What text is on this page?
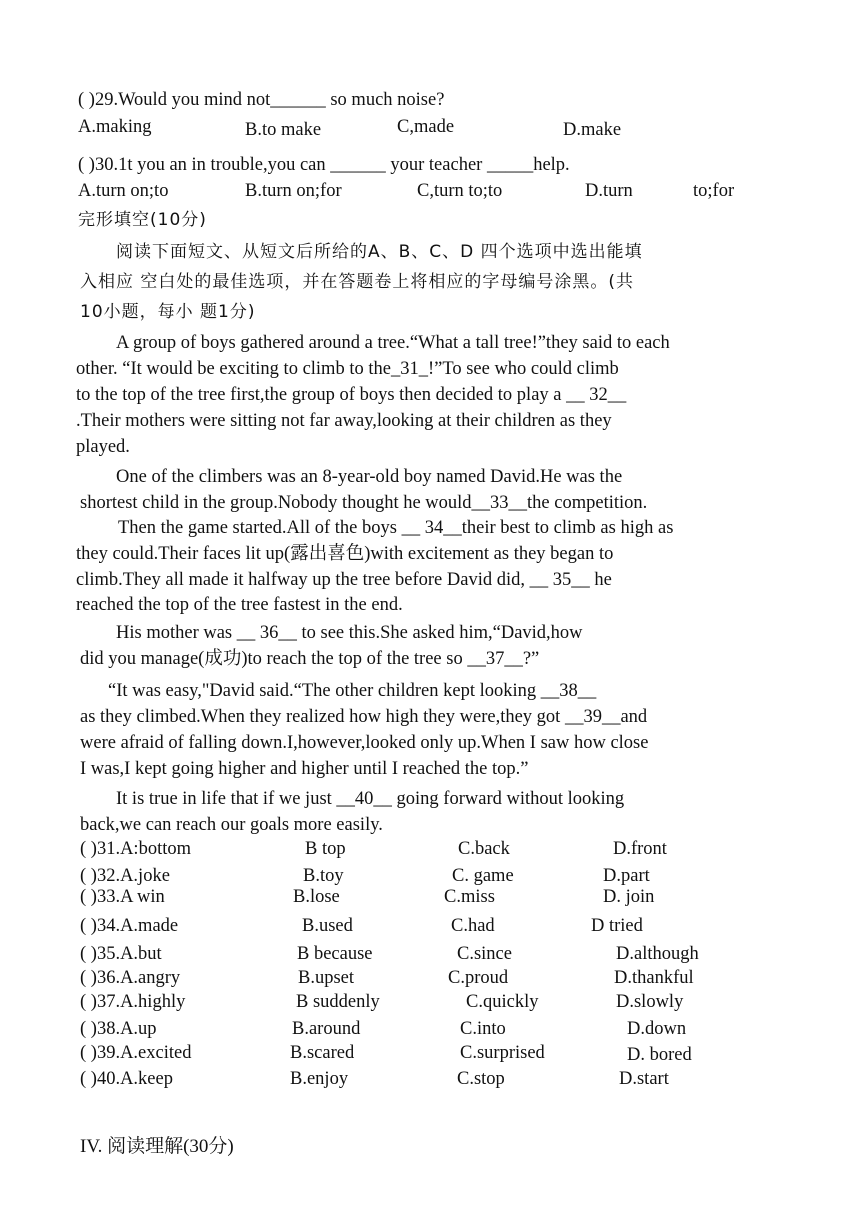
( )29.Would you mind not______ so much noise?
A.making	B.to make	C,made	D.make
( )30.1t you an in trouble,you can ______ your teacher _____help.
A.turn on;to	B.turn on;for	C,turn to;to	D.turn	to;for
完形填空(10分)
阅读下面短文、从短文后所给的A、B、C、D 四个选项中选出能填
入相应 空白处的最佳选项，并在答题卷上将相应的字母编号涂黑。(共
10小题，每小 题1分)
A group of boys gathered around a tree.“What a tall tree!”they said to each
other. “It would be exciting to climb to the_31_!”To see who could climb
to the top of the tree first,the group of boys then decided to play a __ 32__
.Their mothers were sitting not far away,looking at their children as they
played.
One of the climbers was an 8-year-old boy named David.He was the
shortest child in the group.Nobody thought he would__33__the competition.
Then the game started.All of the boys __ 34__their best to climb as high as
they could.Their faces lit up(露出喜色)with excitement as they began to
climb.They all made it halfway up the tree before David did, __ 35__ he
reached the top of the tree fastest in the end.
His mother was __ 36__ to see this.She asked him,“David,how
did you manage(成功)to reach the top of the tree so __37__?”
“It was easy,"David said.“The other children kept looking __38__
as they climbed.When they realized how high they were,they got __39__and
were afraid of falling down.I,however,looked only up.When I saw how close
I was,I kept going higher and higher until I reached the top.”
It is true in life that if we just __40__ going forward without looking
back,we can reach our goals more easily.
( )31.A:bottom	B top	C.back	D.front
( )32.A.joke	B.toy	C. game	D.part
( )33.A win	B.lose	C.miss	D. join
( )34.A.made	B.used	C.had	D tried
( )35.A.but	B because	C.since	D.although
( )36.A.angry	B.upset	C.proud	D.thankful
( )37.A.highly	B suddenly	C.quickly	D.slowly
( )38.A.up	B.around	C.into	D.down
( )39.A.excited	B.scared	C.surprised	D. bored
( )40.A.keep	B.enjoy	C.stop	D.start
IV. 阅读理解(30分)
